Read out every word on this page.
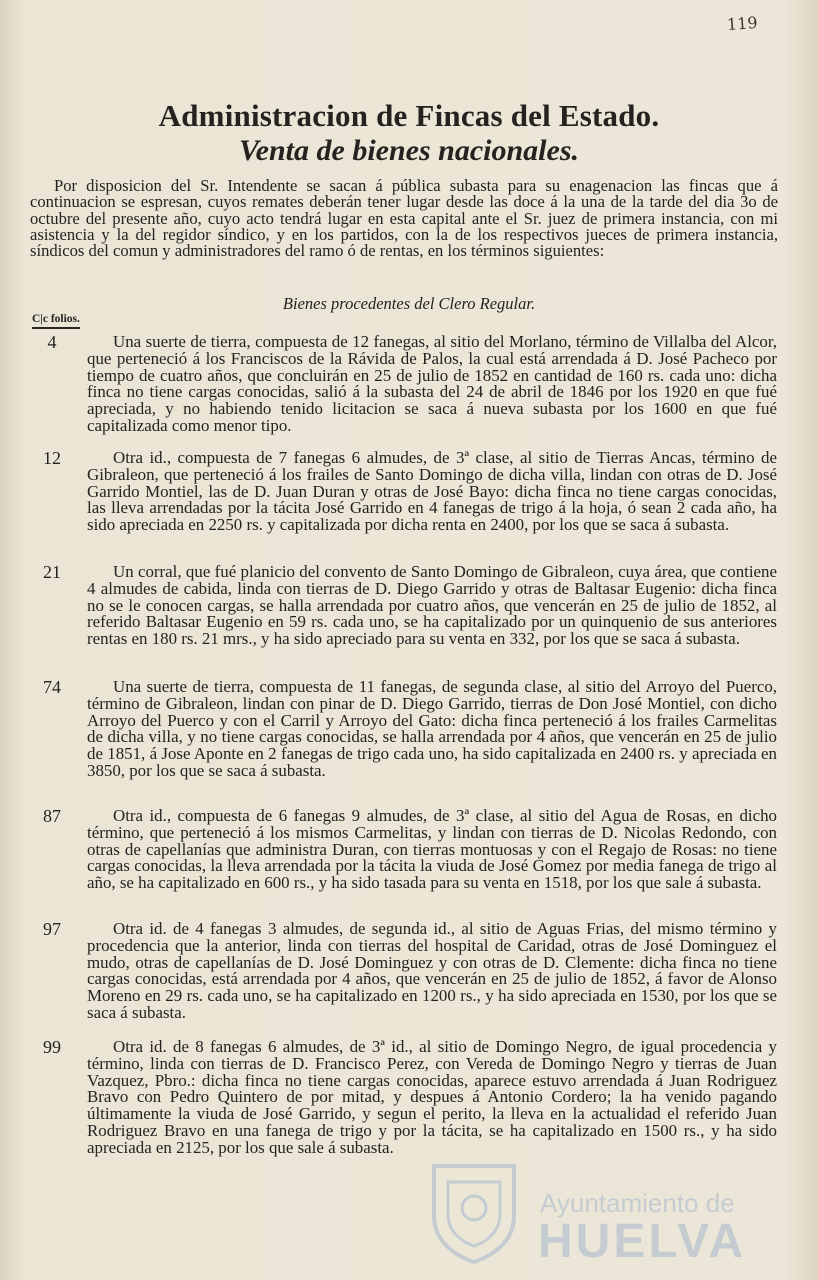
119
Administracion de Fincas del Estado.
Venta de bienes nacionales.
Por disposicion del Sr. Intendente se sacan á pública subasta para su enagenacion las fincas que á continuacion se espresan, cuyos remates deberán tener lugar desde las doce á la una de la tarde del dia 3o de octubre del presente año, cuyo acto tendrá lugar en esta capital ante el Sr. juez de primera instancia, con mi asistencia y la del regidor síndico, y en los partidos, con la de los respectivos jueces de primera instancia, síndicos del comun y administradores del ramo ó de rentas, en los términos siguientes:
Bienes procedentes del Clero Regular.
C|c folios.
4	Una suerte de tierra, compuesta de 12 fanegas, al sitio del Morlano, término de Villalba del Alcor, que perteneció á los Franciscos de la Rávida de Palos, la cual está arrendada á D. José Pacheco por tiempo de cuatro años, que concluirán en 25 de julio de 1852 en cantidad de 160 rs. cada uno: dicha finca no tiene cargas conocidas, salió á la subasta del 24 de abril de 1846 por los 1920 en que fué apreciada, y no habiendo tenido licitacion se saca á nueva subasta por los 1600 en que fué capitalizada como menor tipo.
12	Otra id., compuesta de 7 fanegas 6 almudes, de 3ª clase, al sitio de Tierras Ancas, término de Gibraleon, que perteneció á los frailes de Santo Domingo de dicha villa, lindan con otras de D. José Garrido Montiel, las de D. Juan Duran y otras de José Bayo: dicha finca no tiene cargas conocidas, las lleva arrendadas por la tácita José Garrido en 4 fanegas de trigo á la hoja, ó sean 2 cada año, ha sido apreciada en 2250 rs. y capitalizada por dicha renta en 2400, por los que se saca á subasta.
21	Un corral, que fué planicio del convento de Santo Domingo de Gibraleon, cuya área, que contiene 4 almudes de cabida, linda con tierras de D. Diego Garrido y otras de Baltasar Eugenio: dicha finca no se le conocen cargas, se halla arrendada por cuatro años, que vencerán en 25 de julio de 1852, al referido Baltasar Eugenio en 59 rs. cada uno, se ha capitalizado por un quinquenio de sus anteriores rentas en 180 rs. 21 mrs., y ha sido apreciado para su venta en 332, por los que se saca á subasta.
74	Una suerte de tierra, compuesta de 11 fanegas, de segunda clase, al sitio del Arroyo del Puerco, término de Gibraleon, lindan con pinar de D. Diego Garrido, tierras de Don José Montiel, con dicho Arroyo del Puerco y con el Carril y Arroyo del Gato: dicha finca perteneció á los frailes Carmelitas de dicha villa, y no tiene cargas conocidas, se halla arrendada por 4 años, que vencerán en 25 de julio de 1851, á Jose Aponte en 2 fanegas de trigo cada uno, ha sido capitalizada en 2400 rs. y apreciada en 3850, por los que se saca á subasta.
87	Otra id., compuesta de 6 fanegas 9 almudes, de 3ª clase, al sitio del Agua de Rosas, en dicho término, que perteneció á los mismos Carmelitas, y lindan con tierras de D. Nicolas Redondo, con otras de capellanías que administra Duran, con tierras montuosas y con el Regajo de Rosas: no tiene cargas conocidas, la lleva arrendada por la tácita la viuda de José Gomez por media fanega de trigo al año, se ha capitalizado en 600 rs., y ha sido tasada para su venta en 1518, por los que sale á subasta.
97	Otra id. de 4 fanegas 3 almudes, de segunda id., al sitio de Aguas Frias, del mismo término y procedencia que la anterior, linda con tierras del hospital de Caridad, otras de José Dominguez el mudo, otras de capellanías de D. José Dominguez y con otras de D. Clemente: dicha finca no tiene cargas conocidas, está arrendada por 4 años, que vencerán en 25 de julio de 1852, á favor de Alonso Moreno en 29 rs. cada uno, se ha capitalizado en 1200 rs., y ha sido apreciada en 1530, por los que se saca á subasta.
99	Otra id. de 8 fanegas 6 almudes, de 3ª id., al sitio de Domingo Negro, de igual procedencia y término, linda con tierras de D. Francisco Perez, con Vereda de Domingo Negro y tierras de Juan Vazquez, Pbro.: dicha finca no tiene cargas conocidas, aparece estuvo arrendada á Juan Rodriguez Bravo con Pedro Quintero de por mitad, y despues á Antonio Cordero; la ha venido pagando últimamente la viuda de José Garrido, y segun el perito, la lleva en la actualidad el referido Juan Rodriguez Bravo en una fanega de trigo y por la tácita, se ha capitalizado en 1500 rs., y ha sido apreciada en 2125, por los que sale á subasta.
Ayuntamiento de
HUELVA
